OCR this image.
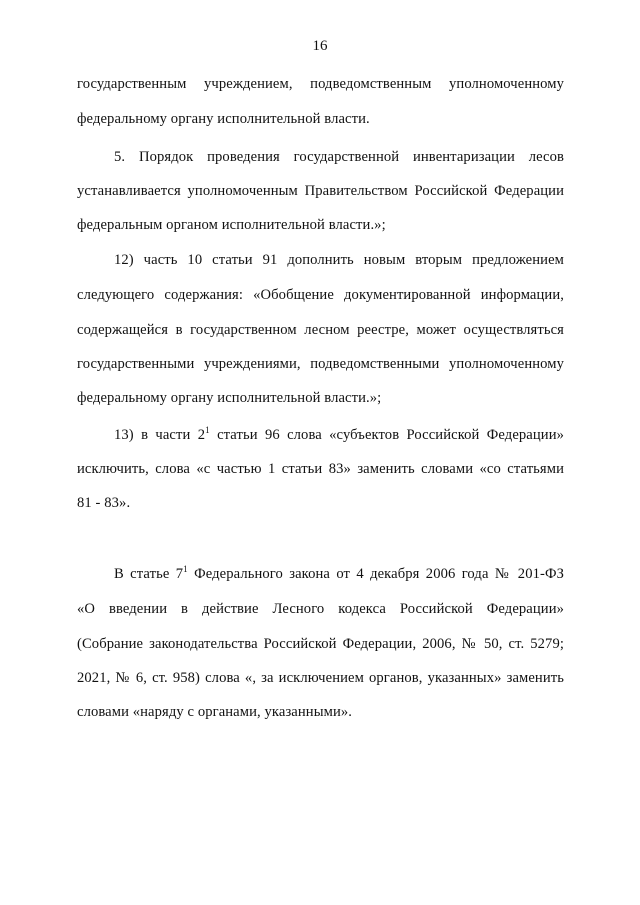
16
государственным учреждением, подведомственным уполномоченному
федеральному органу исполнительной власти.
5. Порядок проведения государственной инвентаризации лесов
устанавливается уполномоченным Правительством Российской Федерации
федеральным органом исполнительной власти.»;
12) часть 10 статьи 91 дополнить новым вторым предложением
следующего содержания: «Обобщение документированной информации,
содержащейся в государственном лесном реестре, может осуществляться
государственными учреждениями, подведомственными уполномоченному
федеральному органу исполнительной власти.»;
13) в части $2^1$ статьи 96 слова «субъектов Российской Федерации»
исключить, слова «с частью 1 статьи 83» заменить словами «со статьями
81 - 83».
В статье $7^1$ Федерального закона от 4 декабря 2006 года № 201-ФЗ
«О введении в действие Лесного кодекса Российской Федерации»
(Собрание законодательства Российской Федерации, 2006, № 50, ст. 5279;
2021, № 6, ст. 958) слова «, за исключением органов, указанных» заменить
словами «наряду с органами, указанными».
